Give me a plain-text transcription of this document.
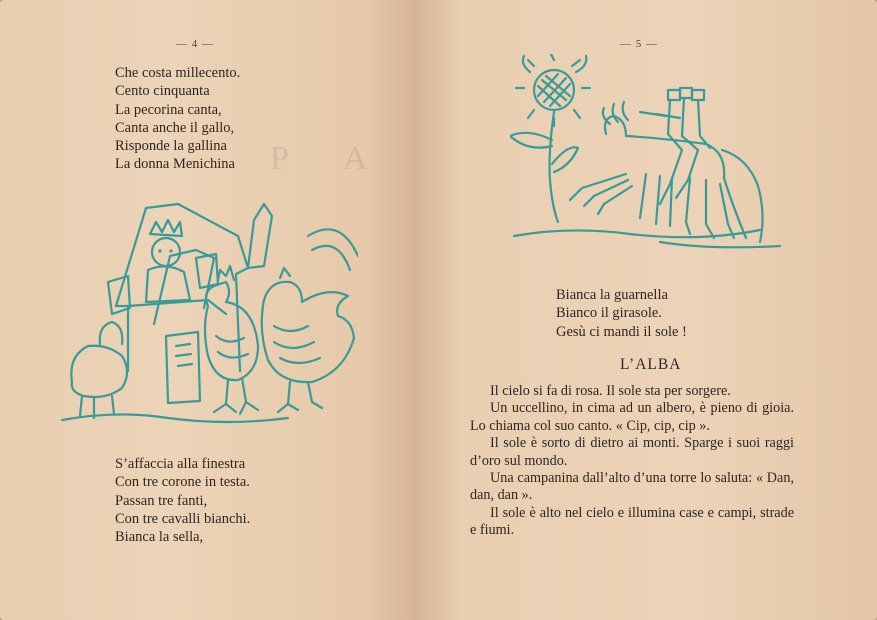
— 4 —
Che costa millecento.
Cento cinquanta
La pecorina canta,
Canta anche il gallo,
Risponde la gallina
La donna Menichina P    A
S’affaccia alla finestra
Con tre corone in testa.
Passan tre fanti,
Con tre cavalli bianchi.
Bianca la sella,
— 5 —
Bianca la guarnella
Bianco il girasole.
Gesù ci mandi il sole !
L’ALBA

Il cielo si fa di rosa. Il sole sta per sorgere.

Un uccellino, in cima ad un albero, è pieno di gioia. Lo chiama col suo canto. « Cip, cip, cip ».

Il sole è sorto di dietro ai monti. Sparge i suoi raggi d’oro sul mondo.

Una campanina dall’alto d’una torre lo saluta: « Dan, dan, dan ».

Il sole è alto nel cielo e illumina case e campi, strade e fiumi.
